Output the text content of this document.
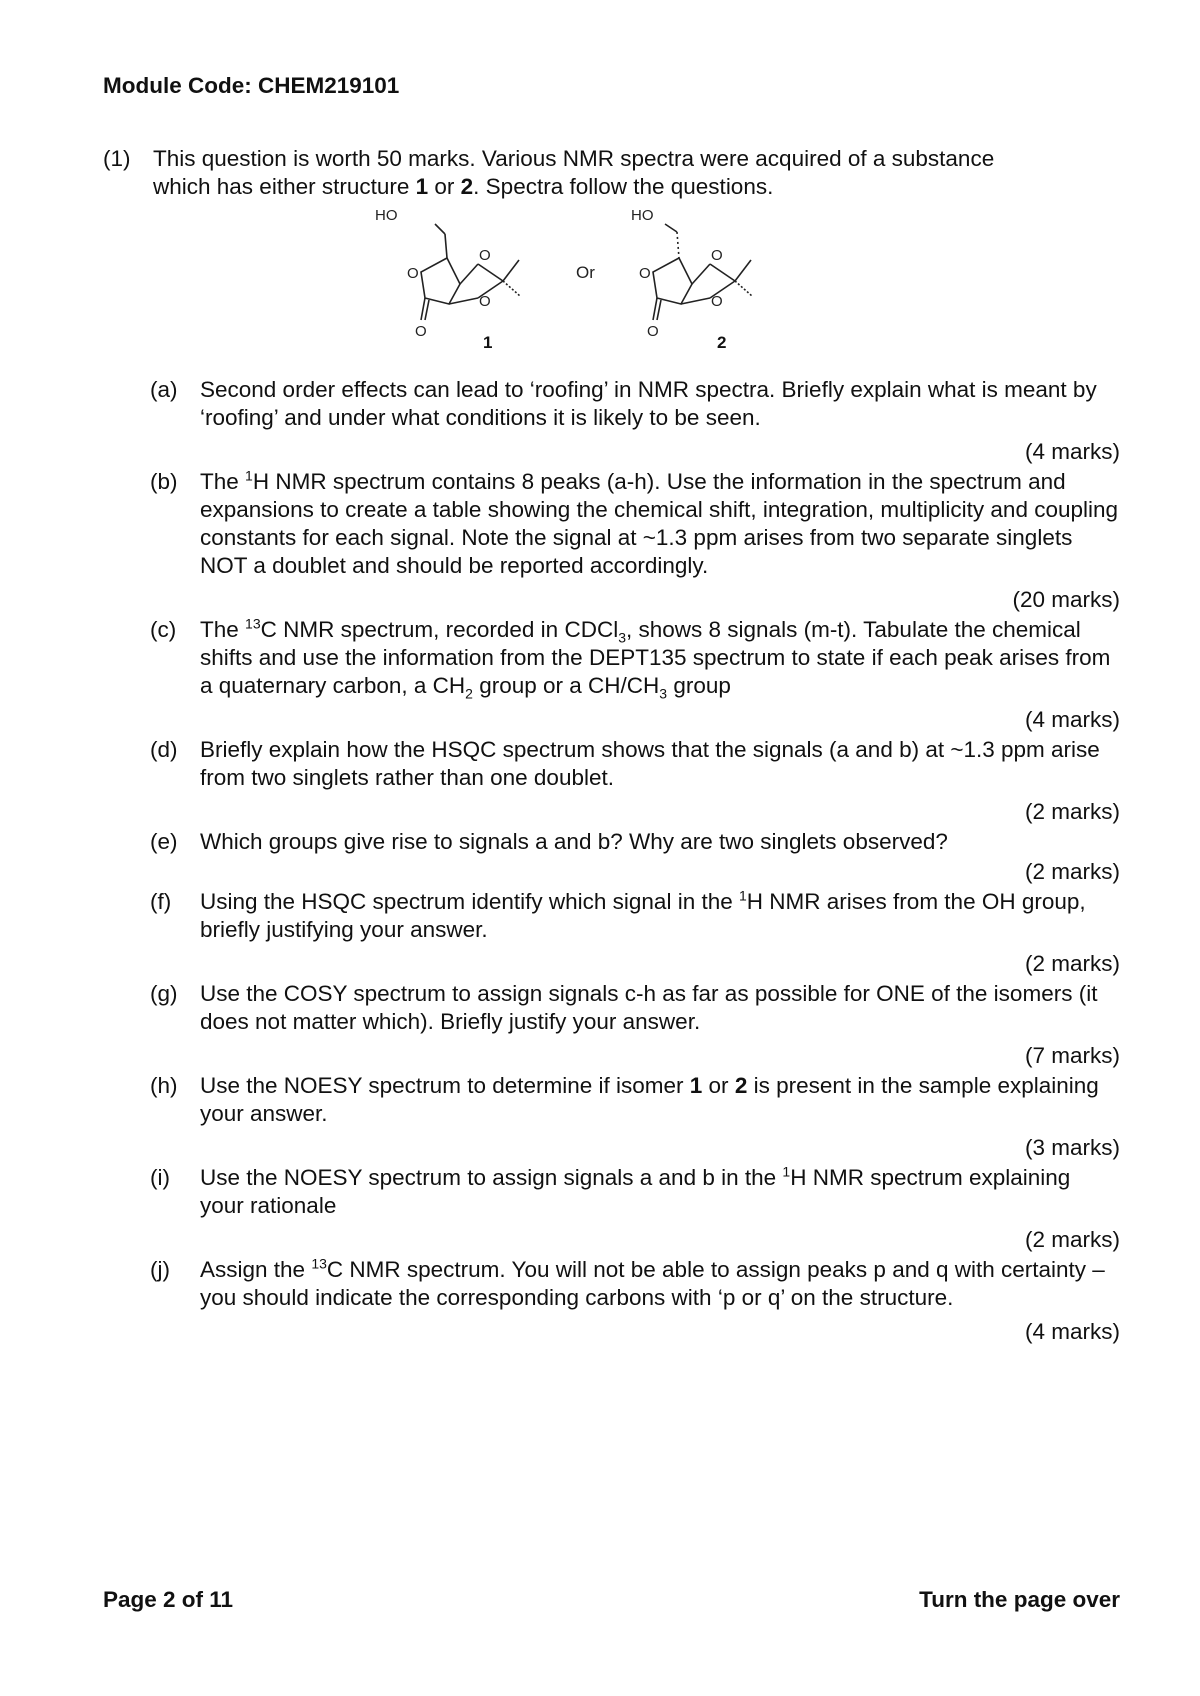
Module Code: CHEM219101
(1) This question is worth 50 marks. Various NMR spectra were acquired of a substance
which has either structure 1 or 2. Spectra follow the questions.
HO
O
O
O
O
HO
O
O
O
O
Or
1	2
(a)	Second order effects can lead to ‘roofing’ in NMR spectra. Briefly explain what is meant by ‘roofing’ and under what conditions it is likely to be seen.
(4 marks)
(b)	The $^1$H NMR spectrum contains 8 peaks (a-h). Use the information in the spectrum and expansions to create a table showing the chemical shift, integration, multiplicity and coupling constants for each signal. Note the signal at ~1.3 ppm arises from two separate singlets NOT a doublet and should be reported accordingly.
(20 marks)
(c)	The $^{13}$C NMR spectrum, recorded in CDCl$_3$, shows 8 signals (m-t). Tabulate the chemical shifts and use the information from the DEPT135 spectrum to state if each peak arises from a quaternary carbon, a $CH_2$ group or a $CH/CH_3$ group
(4 marks)
(d)	Briefly explain how the HSQC spectrum shows that the signals (a and b) at ~1.3 ppm arise from two singlets rather than one doublet.
(2 marks)
(e)	Which groups give rise to signals a and b? Why are two singlets observed?
(2 marks)
(f)	Using the HSQC spectrum identify which signal in the $^1$H NMR arises from the OH group, briefly justifying your answer.
(2 marks)
(g)	Use the COSY spectrum to assign signals c-h as far as possible for ONE of the isomers (it does not matter which). Briefly justify your answer.
(7 marks)
(h)	Use the NOESY spectrum to determine if isomer 1 or 2 is present in the sample explaining your answer.
(3 marks)
(i)	Use the NOESY spectrum to assign signals a and b in the $^1$H NMR spectrum explaining your rationale
(2 marks)
(j)	Assign the $^{13}$C NMR spectrum. You will not be able to assign peaks p and q with certainty – you should indicate the corresponding carbons with ‘p or q’ on the structure.
(4 marks)
Page 2 of 11	Turn the page over
